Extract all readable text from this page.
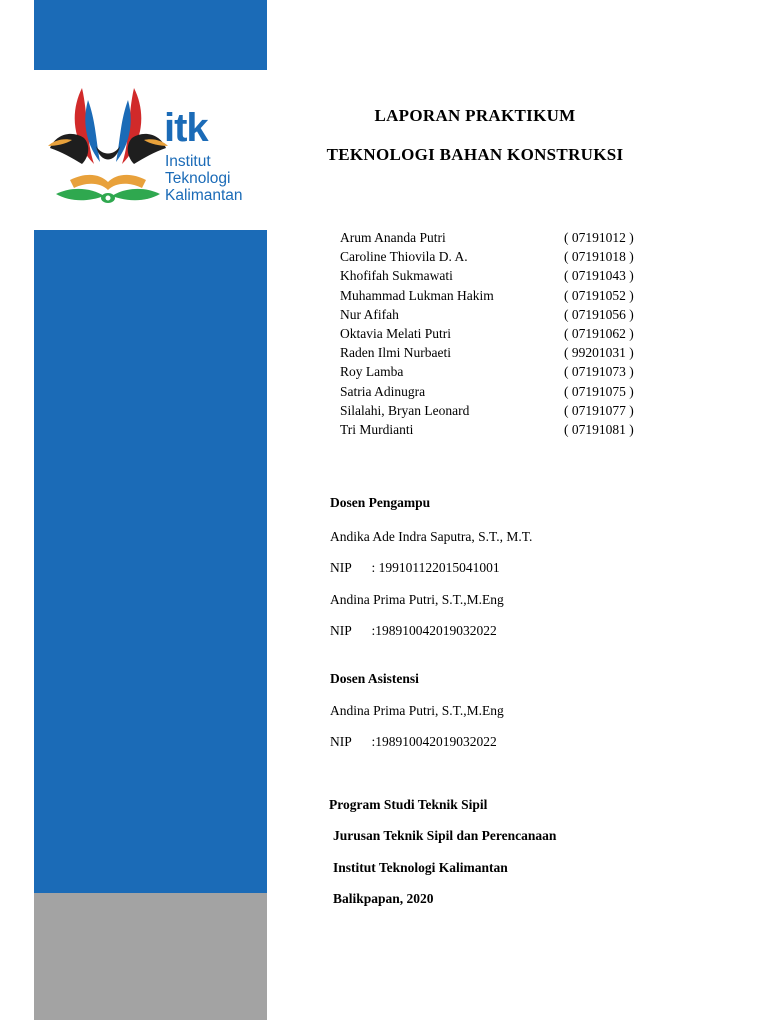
itk
Institut
Teknologi
Kalimantan
LAPORAN PRAKTIKUM
TEKNOLOGI BAHAN KONSTRUKSI
Arum Ananda Putri	( 07191012 )
Caroline Thiovila D. A.	( 07191018 )
Khofifah Sukmawati	( 07191043 )
Muhammad Lukman Hakim	( 07191052 )
Nur Afifah	( 07191056 )
Oktavia Melati Putri	( 07191062 )
Raden Ilmi Nurbaeti	( 99201031 )
Roy Lamba	( 07191073 )
Satria Adinugra	( 07191075 )
Silalahi, Bryan Leonard	( 07191077 )
Tri Murdianti	( 07191081 )
Dosen Pengampu
Andika Ade Indra Saputra, S.T., M.T.
NIP      : 199101122015041001
Andina Prima Putri, S.T.,M.Eng
NIP      :198910042019032022
Dosen Asistensi
Andina Prima Putri, S.T.,M.Eng
NIP      :198910042019032022
Program Studi Teknik Sipil
Jurusan Teknik Sipil dan Perencanaan
Institut Teknologi Kalimantan
Balikpapan, 2020
